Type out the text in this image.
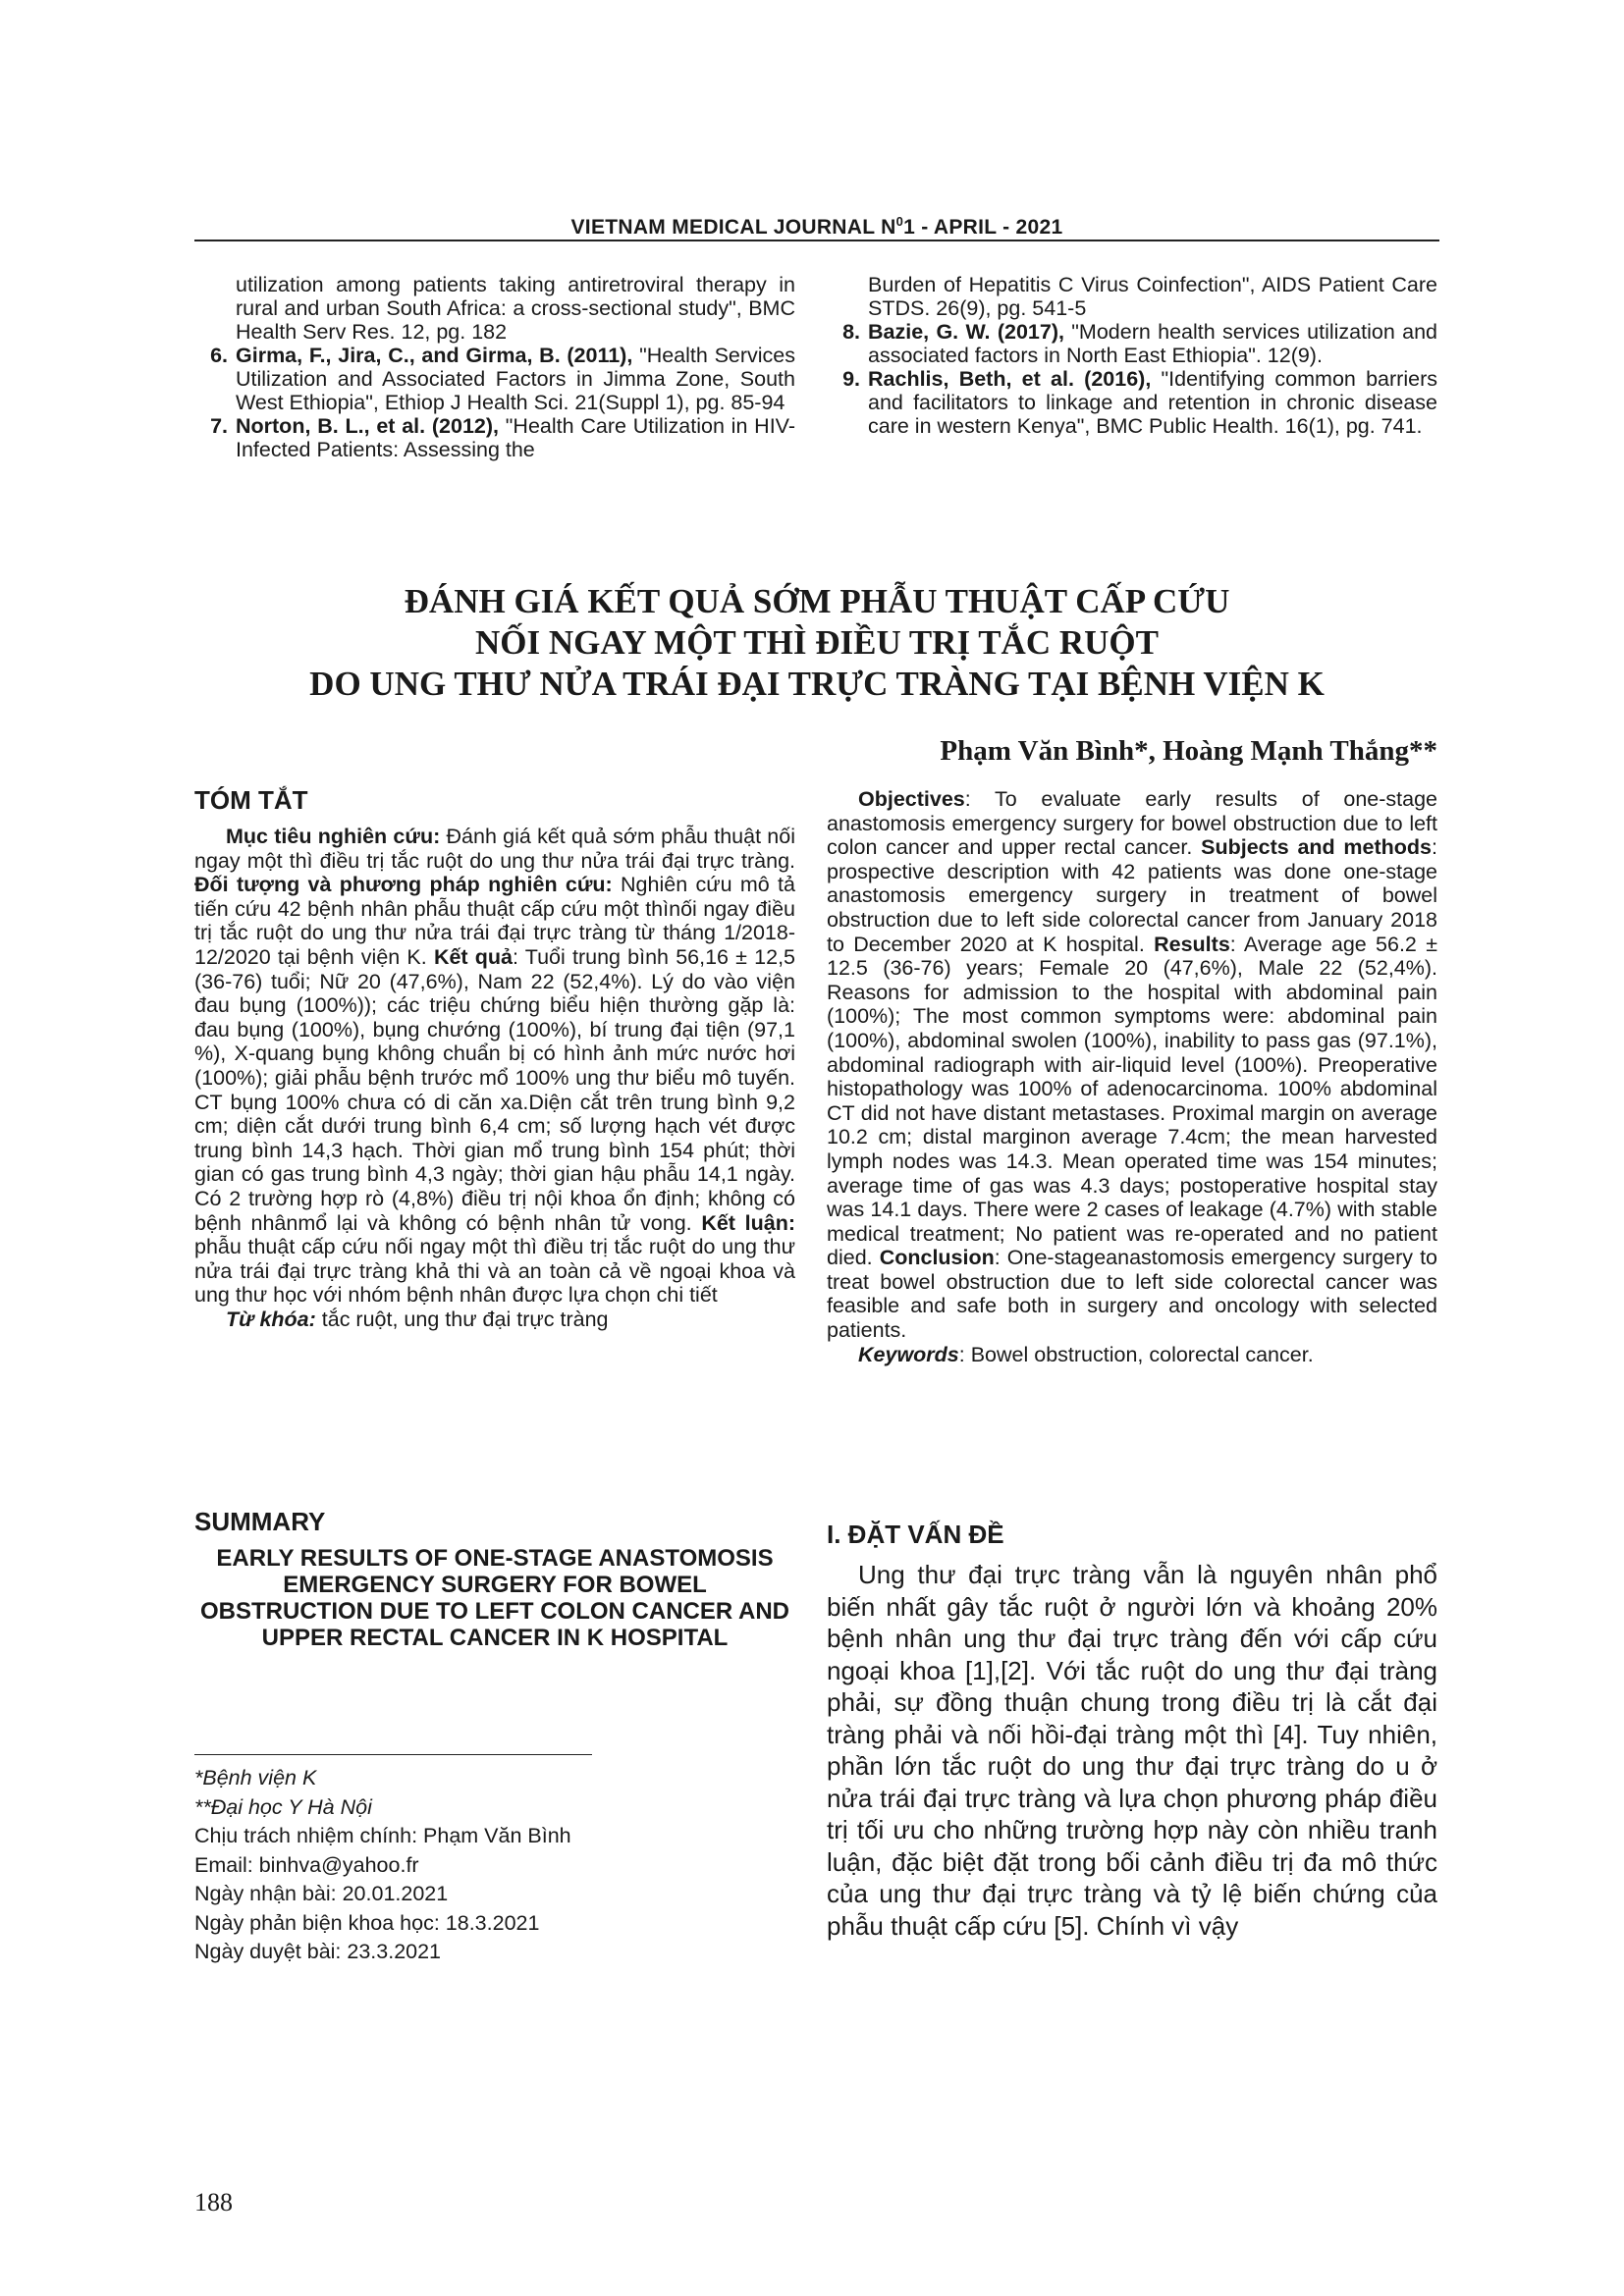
VIETNAM MEDICAL JOURNAL $N^01$ - APRIL - 2021
utilization among patients taking antiretroviral therapy in rural and urban South Africa: a cross-sectional study", BMC Health Serv Res. 12, pg. 182
6. Girma, F., Jira, C., and Girma, B. (2011), "Health Services Utilization and Associated Factors in Jimma Zone, South West Ethiopia", Ethiop J Health Sci. 21(Suppl 1), pg. 85-94
7. Norton, B. L., et al. (2012), "Health Care Utilization in HIV-Infected Patients: Assessing the
Burden of Hepatitis C Virus Coinfection", AIDS Patient Care STDS. 26(9), pg. 541-5
8. Bazie, G. W. (2017), "Modern health services utilization and associated factors in North East Ethiopia". 12(9).
9. Rachlis, Beth, et al. (2016), "Identifying common barriers and facilitators to linkage and retention in chronic disease care in western Kenya", BMC Public Health. 16(1), pg. 741.
ĐÁNH GIÁ KẾT QUẢ SỚM PHẪU THUẬT CẤP CỨU
NỐI NGAY MỘT THÌ ĐIỀU TRỊ TẮC RUỘT
DO UNG THƯ NỬA TRÁI ĐẠI TRỰC TRÀNG TẠI BỆNH VIỆN K
Phạm Văn Bình*, Hoàng Mạnh Thắng**
TÓM TẮT
Mục tiêu nghiên cứu: Đánh giá kết quả sớm phẫu thuật nối ngay một thì điều trị tắc ruột do ung thư nửa trái đại trực tràng. Đối tượng và phương pháp nghiên cứu: Nghiên cứu mô tả tiến cứu 42 bệnh nhân phẫu thuật cấp cứu một thìnối ngay điều trị tắc ruột do ung thư nửa trái đại trực tràng từ tháng 1/2018-12/2020 tại bệnh viện K. Kết quả: Tuổi trung bình 56,16 ± 12,5 (36-76) tuổi; Nữ 20 (47,6%), Nam 22 (52,4%). Lý do vào viện đau bụng (100%)); các triệu chứng biểu hiện thường gặp là: đau bụng (100%), bụng chướng (100%), bí trung đại tiện (97,1 %), X-quang bụng không chuẩn bị có hình ảnh mức nước hơi (100%); giải phẫu bệnh trước mổ 100% ung thư biểu mô tuyến. CT bụng 100% chưa có di căn xa.Diện cắt trên trung bình 9,2 cm; diện cắt dưới trung bình 6,4 cm; số lượng hạch vét được trung bình 14,3 hạch. Thời gian mổ trung bình 154 phút; thời gian có gas trung bình 4,3 ngày; thời gian hậu phẫu 14,1 ngày. Có 2 trường hợp rò (4,8%) điều trị nội khoa ổn định; không có bệnh nhânmổ lại và không có bệnh nhân tử vong. Kết luận: phẫu thuật cấp cứu nối ngay một thì điều trị tắc ruột do ung thư nửa trái đại trực tràng khả thi và an toàn cả về ngoại khoa và ung thư học với nhóm bệnh nhân được lựa chọn chi tiết
Từ khóa: tắc ruột, ung thư đại trực tràng
SUMMARY
EARLY RESULTS OF ONE-STAGE ANASTOMOSIS EMERGENCY SURGERY FOR BOWEL OBSTRUCTION DUE TO LEFT COLON CANCER AND UPPER RECTAL CANCER IN K HOSPITAL
*Bệnh viện K
**Đại học Y Hà Nội
Chịu trách nhiệm chính: Phạm Văn Bình
Email: binhva@yahoo.fr
Ngày nhận bài: 20.01.2021
Ngày phản biện khoa học: 18.3.2021
Ngày duyệt bài: 23.3.2021
Objectives: To evaluate early results of one-stage anastomosis emergency surgery for bowel obstruction due to left colon cancer and upper rectal cancer. Subjects and methods: prospective description with 42 patients was done one-stage anastomosis emergency surgery in treatment of bowel obstruction due to left side colorectal cancer from January 2018 to December 2020 at K hospital. Results: Average age 56.2 ± 12.5 (36-76) years; Female 20 (47,6%), Male 22 (52,4%). Reasons for admission to the hospital with abdominal pain (100%); The most common symptoms were: abdominal pain (100%), abdominal swolen (100%), inability to pass gas (97.1%), abdominal radiograph with air-liquid level (100%). Preoperative histopathology was 100% of adenocarcinoma. 100% abdominal CT did not have distant metastases. Proximal margin on average 10.2 cm; distal marginon average 7.4cm; the mean harvested lymph nodes was 14.3. Mean operated time was 154 minutes; average time of gas was 4.3 days; postoperative hospital stay was 14.1 days. There were 2 cases of leakage (4.7%) with stable medical treatment; No patient was re-operated and no patient died. Conclusion: One-stageanastomosis emergency surgery to treat bowel obstruction due to left side colorectal cancer was feasible and safe both in surgery and oncology with selected patients.
Keywords: Bowel obstruction, colorectal cancer.
I. ĐẶT VẤN ĐỀ
Ung thư đại trực tràng vẫn là nguyên nhân phổ biến nhất gây tắc ruột ở người lớn và khoảng 20% bệnh nhân ung thư đại trực tràng đến với cấp cứu ngoại khoa [1],[2]. Với tắc ruột do ung thư đại tràng phải, sự đồng thuận chung trong điều trị là cắt đại tràng phải và nối hồi-đại tràng một thì [4]. Tuy nhiên, phần lớn tắc ruột do ung thư đại trực tràng do u ở nửa trái đại trực tràng và lựa chọn phương pháp điều trị tối ưu cho những trường hợp này còn nhiều tranh luận, đặc biệt đặt trong bối cảnh điều trị đa mô thức của ung thư đại trực tràng và tỷ lệ biến chứng của phẫu thuật cấp cứu [5]. Chính vì vậy
188
